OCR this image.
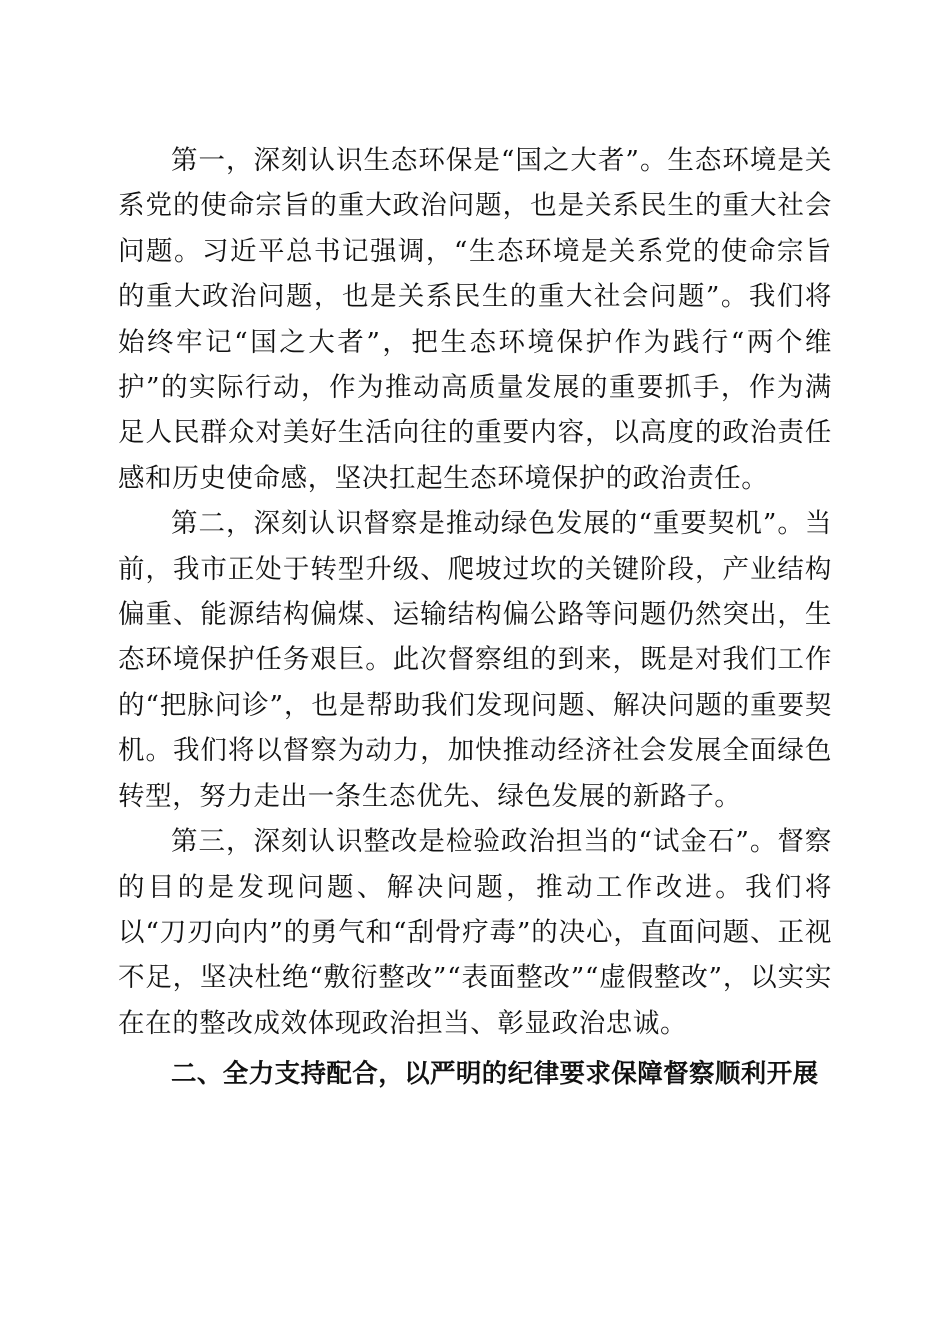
第一，深刻认识生态环保是“国之大者”。生态环境是关系党的使命宗旨的重大政治问题，也是关系民生的重大社会问题。习近平总书记强调，“生态环境是关系党的使命宗旨的重大政治问题，也是关系民生的重大社会问题”。我们将始终牢记“国之大者”，把生态环境保护作为践行“两个维护”的实际行动，作为推动高质量发展的重要抓手，作为满足人民群众对美好生活向往的重要内容，以高度的政治责任感和历史使命感，坚决扛起生态环境保护的政治责任。

第二，深刻认识督察是推动绿色发展的“重要契机”。当前，我市正处于转型升级、爬坡过坎的关键阶段，产业结构偏重、能源结构偏煤、运输结构偏公路等问题仍然突出，生态环境保护任务艰巨。此次督察组的到来，既是对我们工作的“把脉问诊”，也是帮助我们发现问题、解决问题的重要契机。我们将以督察为动力，加快推动经济社会发展全面绿色转型，努力走出一条生态优先、绿色发展的新路子。

第三，深刻认识整改是检验政治担当的“试金石”。督察的目的是发现问题、解决问题，推动工作改进。我们将以“刀刃向内”的勇气和“刮骨疗毒”的决心，直面问题、正视不足，坚决杜绝“敷衍整改”“表面整改”“虚假整改”，以实实在在的整改成效体现政治担当、彰显政治忠诚。

二、全力支持配合，以严明的纪律要求保障督察顺利开展
